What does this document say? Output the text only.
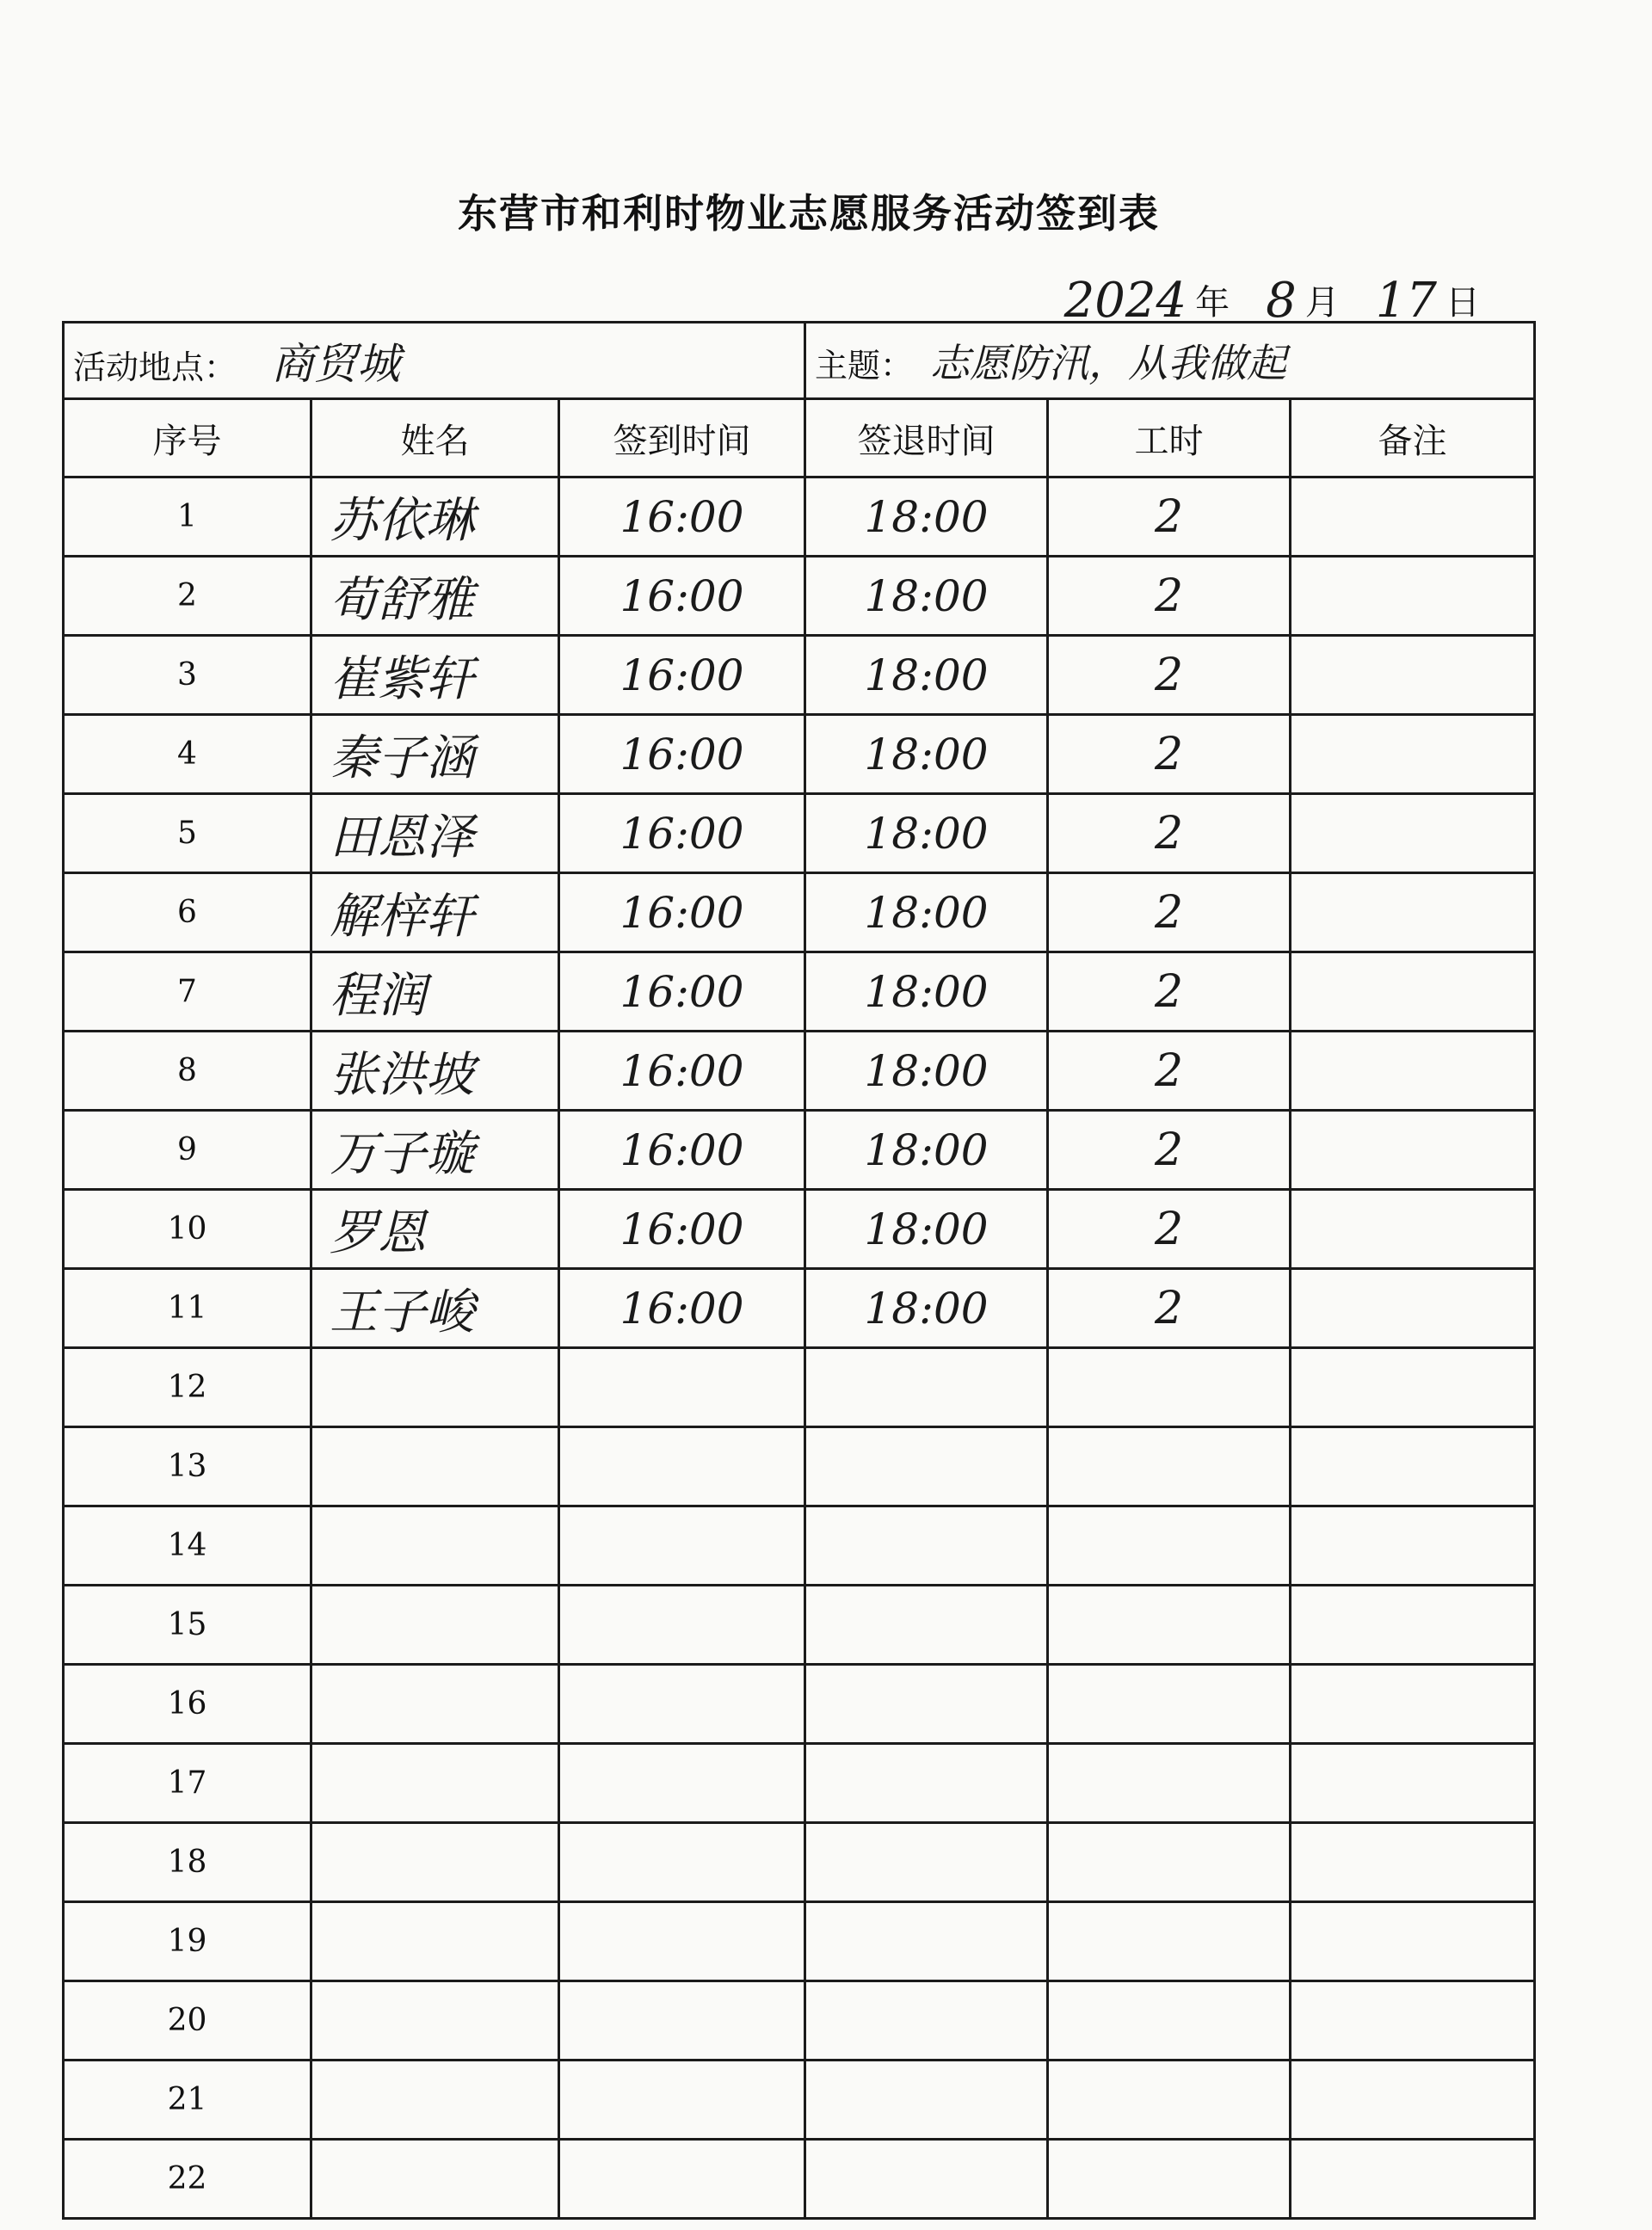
东营市和利时物业志愿服务活动签到表
2024 年 8 月 17 日
活动地点： 商贸城			主题： 志愿防汛，从我做起		
序号	姓名	签到时间	签退时间	工时	备注
1	苏依琳	16:00	18:00	2	
2	荀舒雅	16:00	18:00	2	
3	崔紫轩	16:00	18:00	2	
4	秦子涵	16:00	18:00	2	
5	田恩泽	16:00	18:00	2	
6	解梓轩	16:00	18:00	2	
7	程润	16:00	18:00	2	
8	张洪坡	16:00	18:00	2	
9	万子璇	16:00	18:00	2	
10	罗恩	16:00	18:00	2	
11	王子峻	16:00	18:00	2	
12					
13					
14					
15					
16					
17					
18					
19					
20					
21					
22					
